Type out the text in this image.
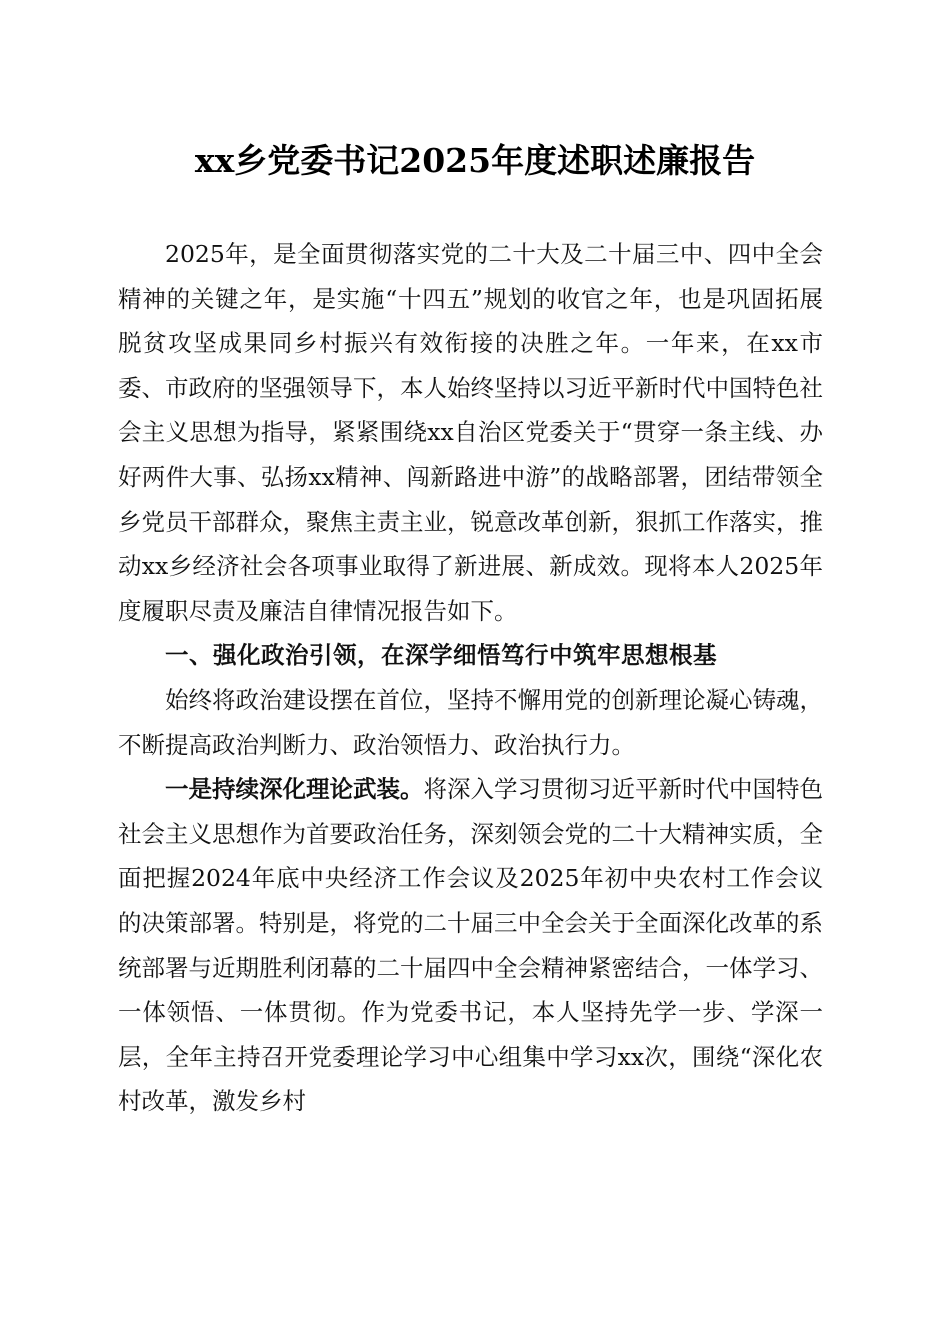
xx乡党委书记2025年度述职述廉报告

2025年，是全面贯彻落实党的二十大及二十届三中、四中全会精神的关键之年，是实施“十四五”规划的收官之年，也是巩固拓展脱贫攻坚成果同乡村振兴有效衔接的决胜之年。一年来，在xx市委、市政府的坚强领导下，本人始终坚持以习近平新时代中国特色社会主义思想为指导，紧紧围绕xx自治区党委关于“贯穿一条主线、办好两件大事、弘扬xx精神、闯新路进中游”的战略部署，团结带领全乡党员干部群众，聚焦主责主业，锐意改革创新，狠抓工作落实，推动xx乡经济社会各项事业取得了新进展、新成效。现将本人2025年度履职尽责及廉洁自律情况报告如下。

一、强化政治引领，在深学细悟笃行中筑牢思想根基

始终将政治建设摆在首位，坚持不懈用党的创新理论凝心铸魂，不断提高政治判断力、政治领悟力、政治执行力。

一是持续深化理论武装。将深入学习贯彻习近平新时代中国特色社会主义思想作为首要政治任务，深刻领会党的二十大精神实质，全面把握2024年底中央经济工作会议及2025年初中央农村工作会议的决策部署。特别是，将党的二十届三中全会关于全面深化改革的系统部署与近期胜利闭幕的二十届四中全会精神紧密结合，一体学习、一体领悟、一体贯彻。作为党委书记，本人坚持先学一步、学深一层，全年主持召开党委理论学习中心组集中学习xx次，围绕“深化农村改革，激发乡村
